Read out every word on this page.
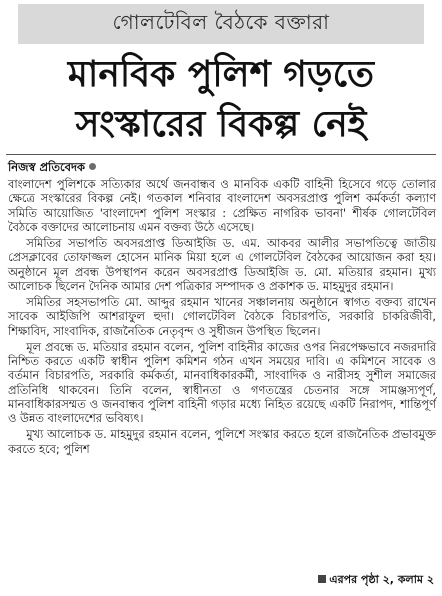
গোলটেবিল বৈঠকে বক্তারা
মানবিক পুলিশ গড়তে
সংস্কারের বিকল্প নেই
নিজস্ব প্রতিবেদক

বাংলাদেশ পুলিশকে সত্যিকার অর্থে জনবান্ধব ও মানবিক একটি বাহিনী হিসেবে গড়ে তোলার ক্ষেত্রে সংস্কারের বিকল্প নেই। গতকাল শনিবার বাংলাদেশ অবসরপ্রাপ্ত পুলিশ কর্মকর্তা কল্যাণ সমিতি আয়োজিত 'বাংলাদেশ পুলিশ সংস্কার : প্রেক্ষিত নাগরিক ভাবনা' শীর্ষক গোলটেবিল বৈঠকে বক্তাদের আলোচনায় এমন বক্তব্য উঠে এসেছে।

সমিতির সভাপতি অবসরপ্রাপ্ত ডিআইজি ড. এম. আকবর আলীর সভাপতিত্বে জাতীয় প্রেসক্লাবের তোফাজ্জল হোসেন মানিক মিয়া হলে এ গোলটেবিল বৈঠকের আয়োজন করা হয়। অনুষ্ঠানে মূল প্রবন্ধ উপস্থাপন করেন অবসরপ্রাপ্ত ডিআইজি ড. মো. মতিয়ার রহমান। মুখ্য আলোচক ছিলেন দৈনিক আমার দেশ পত্রিকার সম্পাদক ও প্রকাশক ড. মাহমুদুর রহমান।

সমিতির সহসভাপতি মো. আব্দুর রহমান খানের সঞ্চালনায় অনুষ্ঠানে স্বাগত বক্তব্য রাখেন সাবেক আইজিপি আশরাফুল হুদা। গোলটেবিল বৈঠকে বিচারপতি, সরকারি চাকরিজীবী, শিক্ষাবিদ, সাংবাদিক, রাজনৈতিক নেতৃবৃন্দ ও সুধীজন উপস্থিত ছিলেন।

মূল প্রবন্ধে ড. মতিয়ার রহমান বলেন, পুলিশ বাহিনীর কাজের ওপর নিরপেক্ষভাবে নজরদারি নিশ্চিত করতে একটি স্বাধীন পুলিশ কমিশন গঠন এখন সময়ের দাবি। এ কমিশনে সাবেক ও বর্তমান বিচারপতি, সরকারি কর্মকর্তা, মানবাধিকারকর্মী, সাংবাদিক ও নারীসহ সুশীল সমাজের প্রতিনিধি থাকবেন। তিনি বলেন, স্বাধীনতা ও গণতন্ত্রের চেতনার সঙ্গে সামঞ্জস্যপূর্ণ, মানবাধিকারসম্মত ও জনবান্ধব পুলিশ বাহিনী গড়ার মধ্যে নিহিত রয়েছে একটি নিরাপদ, শান্তিপূর্ণ ও উন্নত বাংলাদেশের ভবিষ্যৎ।

মুখ্য আলোচক ড. মাহমুদুর রহমান বলেন, পুলিশে সংস্কার করতে হলে রাজনৈতিক প্রভাবমুক্ত করতে হবে; পুলিশ

এরপর পৃষ্ঠা ২, কলাম ২
